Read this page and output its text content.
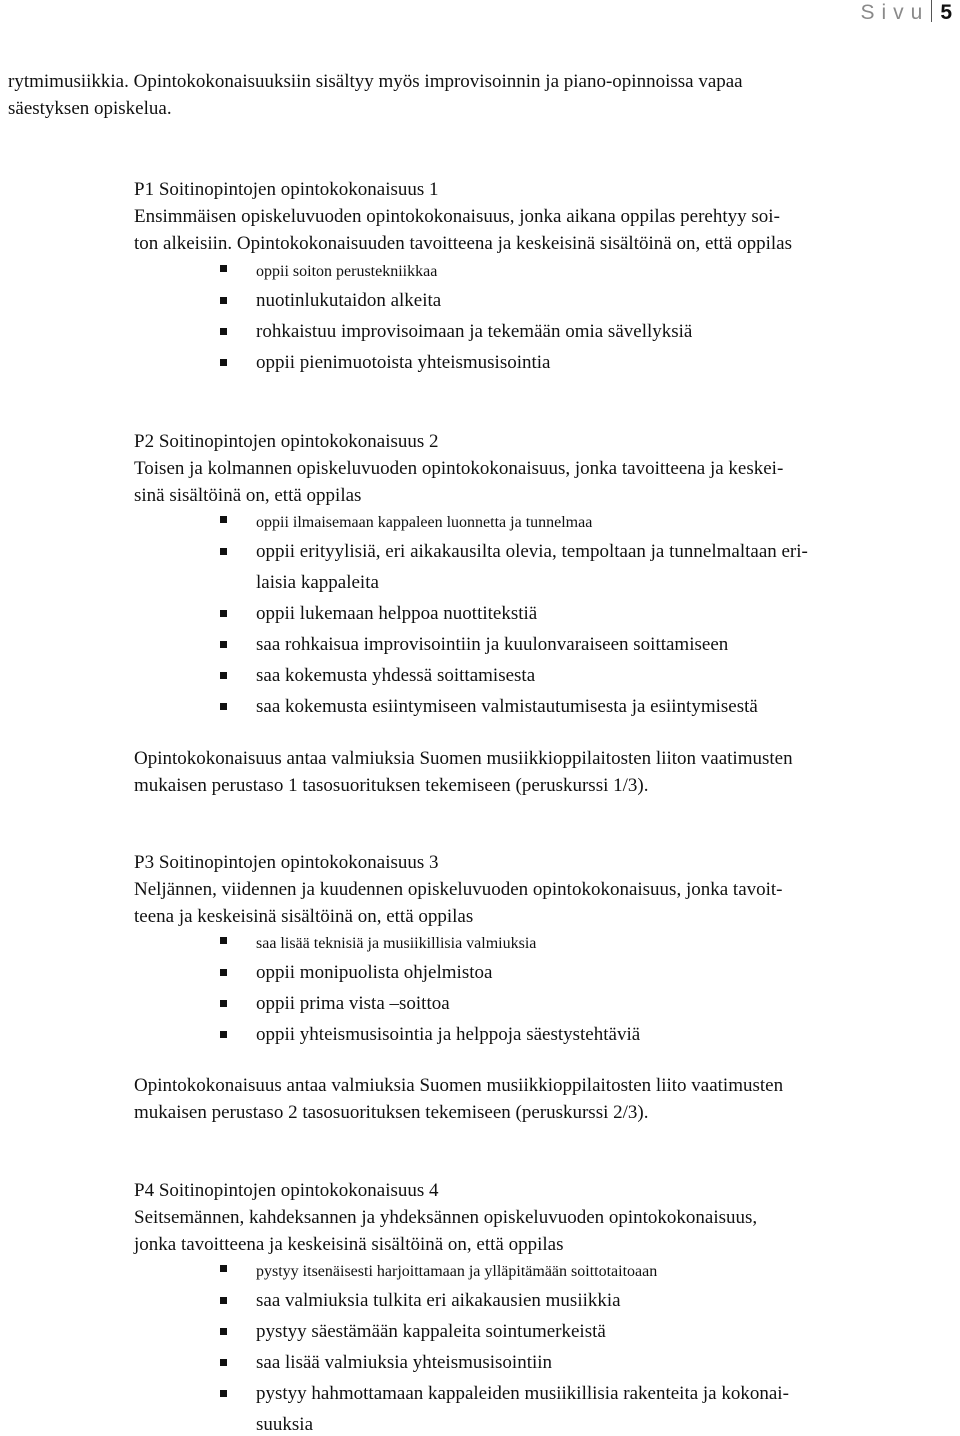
Sivu 5
rytmimusiikkia. Opintokokonaisuuksiin sisältyy myös improvisoinnin ja piano-opinnoissa vapaa
säestyksen opiskelua.
P1 Soitinopintojen opintokokonaisuus 1
Ensimmäisen opiskeluvuoden opintokokonaisuus, jonka aikana oppilas perehtyy soi-
ton alkeisiin. Opintokokonaisuuden tavoitteena ja keskeisinä sisältöinä on, että oppilas
oppii soiton perustekniikkaa
nuotinlukutaidon alkeita
rohkaistuu improvisoimaan ja tekemään omia sävellyksiä
oppii pienimuotoista yhteismusisointia
P2 Soitinopintojen opintokokonaisuus 2
Toisen ja kolmannen opiskeluvuoden opintokokonaisuus, jonka tavoitteena ja keskei-
sinä sisältöinä on, että oppilas
oppii ilmaisemaan kappaleen luonnetta ja tunnelmaa
oppii erityylisiä, eri aikakausilta olevia, tempoltaan ja tunnelmaltaan eri-
laisia kappaleita
oppii lukemaan helppoa nuottitekstiä
saa rohkaisua improvisointiin ja kuulonvaraiseen soittamiseen
saa kokemusta yhdessä soittamisesta
saa kokemusta esiintymiseen valmistautumisesta ja esiintymisestä
Opintokokonaisuus antaa valmiuksia Suomen musiikkioppilaitosten liiton vaatimusten
mukaisen perustaso 1 tasosuorituksen tekemiseen (peruskurssi 1/3).
P3 Soitinopintojen opintokokonaisuus 3
Neljännen, viidennen ja kuudennen opiskeluvuoden opintokokonaisuus, jonka tavoit-
teena ja keskeisinä sisältöinä on, että oppilas
saa lisää teknisiä ja musiikillisia valmiuksia
oppii monipuolista ohjelmistoa
oppii prima vista –soittoa
oppii yhteismusisointia ja helppoja säestystehtäviä
Opintokokonaisuus antaa valmiuksia Suomen musiikkioppilaitosten liito vaatimusten
mukaisen perustaso 2 tasosuorituksen tekemiseen (peruskurssi 2/3).
P4 Soitinopintojen opintokokonaisuus 4
Seitsemännen, kahdeksannen ja yhdeksännen opiskeluvuoden opintokokonaisuus,
jonka tavoitteena ja keskeisinä sisältöinä on, että oppilas
pystyy itsenäisesti harjoittamaan ja ylläpitämään soittotaitoaan
saa valmiuksia tulkita eri aikakausien musiikkia
pystyy säestämään kappaleita sointumerkeistä
saa lisää valmiuksia yhteismusisointiin
pystyy hahmottamaan kappaleiden musiikillisia rakenteita ja kokonai-
suuksia
